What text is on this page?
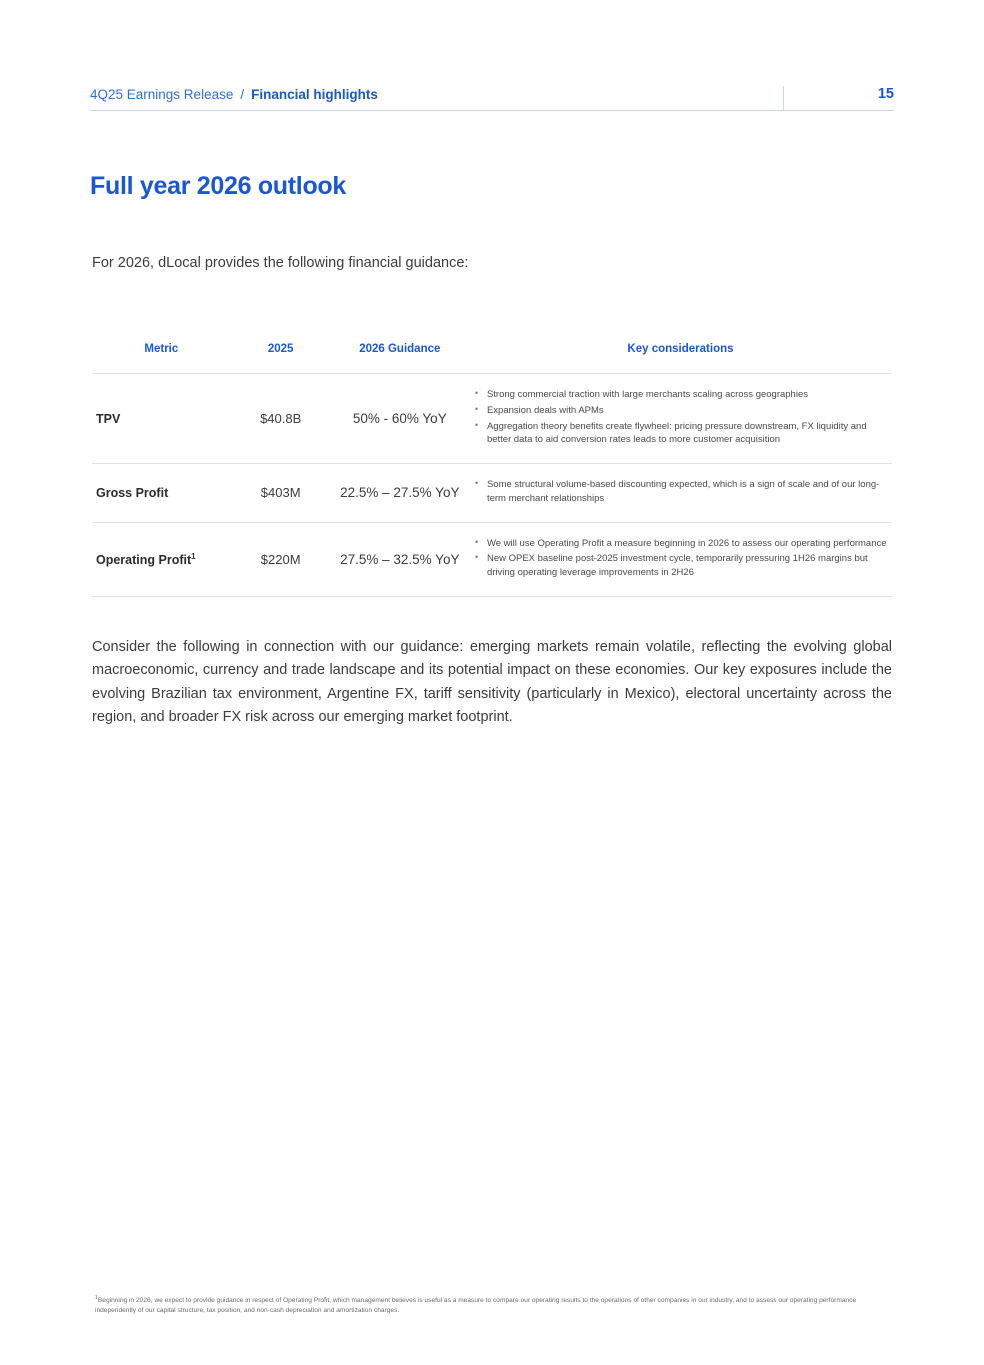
4Q25 Earnings Release / Financial highlights	15
Full year 2026 outlook
For 2026, dLocal provides the following financial guidance:
Metric	2025	2026 Guidance	Key considerations
TPV	$40.8B	50% - 60% YoY	
• Strong commercial traction with large merchants scaling across geographies
• Expansion deals with APMs
• Aggregation theory benefits create flywheel: pricing pressure downstream, FX liquidity and better data to aid conversion rates leads to more customer acquisition

Gross Profit	$403M	22.5% – 27.5% YoY	
• Some structural volume-based discounting expected, which is a sign of scale and of our long-term merchant relationships

Operating Profit$^1$	$220M	27.5% – 32.5% YoY	
• We will use Operating Profit a measure beginning in 2026 to assess our operating performance
• New OPEX baseline post-2025 investment cycle, temporarily pressuring 1H26 margins but driving operating leverage improvements in 2H26
Consider the following in connection with our guidance: emerging markets remain volatile, reflecting the evolving global macroeconomic, currency and trade landscape and its potential impact on these economies. Our key exposures include the evolving Brazilian tax environment, Argentine FX, tariff sensitivity (particularly in Mexico), electoral uncertainty across the region, and broader FX risk across our emerging market footprint.
$^1$Beginning in 2026, we expect to provide guidance in respect of Operating Profit, which management believes is useful as a measure to compare our operating results to the operations of other companies in our industry, and to assess our operating performance independently of our capital structure, tax position, and non-cash depreciation and amortization charges.
